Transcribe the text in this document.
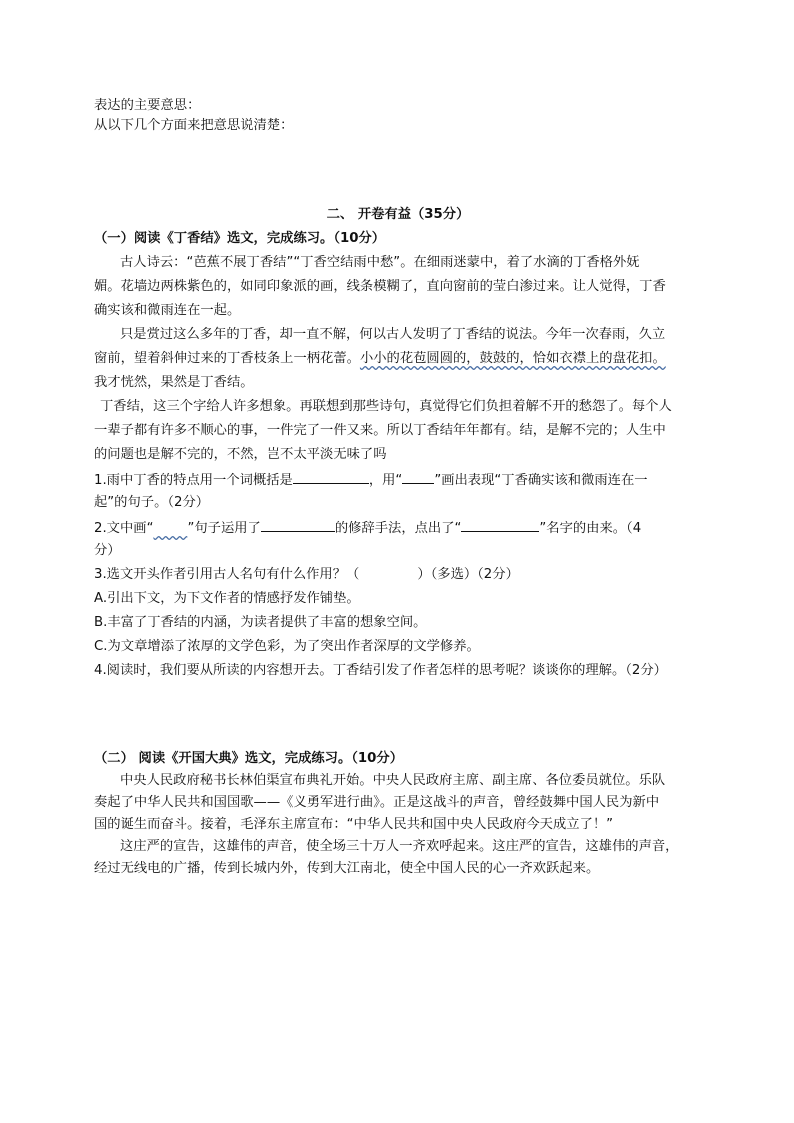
表达的主要意思：
从以下几个方面来把意思说清楚：
二、 开卷有益（35分）
（一）阅读《丁香结》选文，完成练习。（10分）
古人诗云：“芭蕉不展丁香结”“丁香空结雨中愁”。在细雨迷蒙中，着了水滴的丁香格外妩
媚。花墙边两株紫色的，如同印象派的画，线条模糊了，直向窗前的莹白渗过来。让人觉得，丁香
确实该和微雨连在一起。
只是赏过这么多年的丁香，却一直不解，何以古人发明了丁香结的说法。今年一次春雨，久立
窗前，望着斜伸过来的丁香枝条上一柄花蕾。小小的花苞圆圆的，鼓鼓的，恰如衣襟上的盘花扣。
我才恍然，果然是丁香结。
丁香结，这三个字给人许多想象。再联想到那些诗句，真觉得它们负担着解不开的愁怨了。每个人
一辈子都有许多不顺心的事，一件完了一件又来。所以丁香结年年都有。结，是解不完的；人生中
的问题也是解不完的，不然，岂不太平淡无味了吗
1.雨中丁香的特点用一个词概括是	，用“ ”画出表现“丁香确实该和微雨连在一
起”的句子。（2分）
2.文中画“​        ”句子运用了	的修辞手法，点出了“	”名字的由来。（4
分）
3.选文开头作者引用古人名句有什么作用？（	）（多选）（2分）
A.引出下文，为下文作者的情感抒发作铺垫。
B.丰富了丁香结的内涵，为读者提供了丰富的想象空间。
C.为文章增添了浓厚的文学色彩，为了突出作者深厚的文学修养。
4.阅读时，我们要从所读的内容想开去。丁香结引发了作者怎样的思考呢？谈谈你的理解。（2分）
（二） 阅读《开国大典》选文，完成练习。（10分）
中央人民政府秘书长林伯渠宣布典礼开始。中央人民政府主席、副主席、各位委员就位。乐队
奏起了中华人民共和国国歌——《义勇军进行曲》。正是这战斗的声音，曾经鼓舞中国人民为新中
国的诞生而奋斗。接着，毛泽东主席宣布：“中华人民共和国中央人民政府今天成立了！”
这庄严的宣告，这雄伟的声音，使全场三十万人一齐欢呼起来。这庄严的宣告，这雄伟的声音，
经过无线电的广播，传到长城内外，传到大江南北，使全中国人民的心一齐欢跃起来。
